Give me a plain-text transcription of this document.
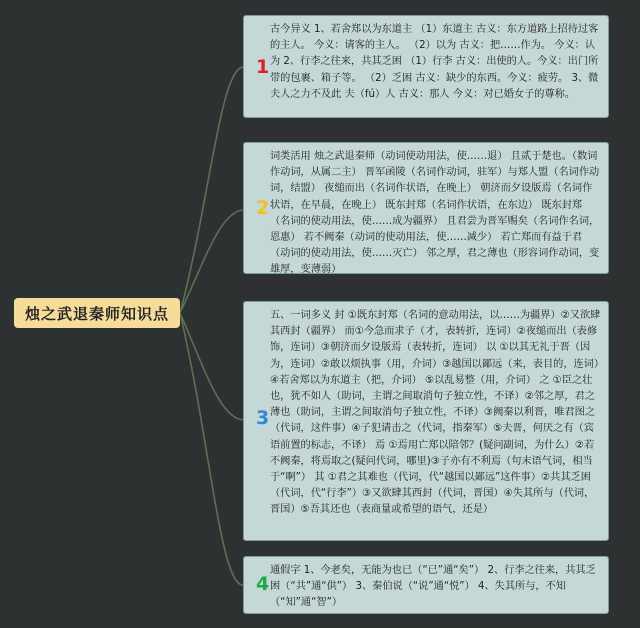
烛之武退秦师知识点
1
古今异义 1、若舍郑以为东道主 （1）东道主 古义：东方道路上招待过客的主人。 今义：请客的主人。 （2）以为 古义：把……作为。 今义：认为 2、行李之往来，共其乏困 （1）行李 古义：出使的人。今义：出门所带的包裹、箱子等。 （2）乏困 古义：缺少的东西。今义：疲劳。 3、微夫人之力不及此 夫（fú）人 古义：那人 今义：对已婚女子的尊称。
2
词类活用 烛之武退秦师（动词使动用法，使……退） 且贰于楚也。（数词作动词，从属二主） 晋军函陵（名词作动词，驻军）与郑人盟（名词作动词，结盟） 夜缒而出（名词作状语，在晚上） 朝济而夕设版焉（名词作状语，在早晨，在晚上） 既东封郑（名词作状语，在东边） 既东封郑（名词的使动用法，使……成为疆界） 且君尝为晋军赐矣（名词作名词，恩惠） 若不阙秦（动词的使动用法，使……减少） 若亡郑而有益于君（动词的使动用法，使……灭亡） 邻之厚，君之薄也（形容词作动词，变雄厚，变薄弱）
3
五、一词多义 封 ①既东封郑（名词的意动用法，以……为疆界）②又欲肆其西封（疆界） 而①今急而求子（才，表转折，连词）②夜缒而出（表修饰，连词）③朝济而夕设版焉（表转折，连词） 以 ①以其无礼于晋（因为，连词）②敢以烦执事（用，介词）③越国以鄙远（来，表目的，连词）④若舍郑以为东道主（把，介词） ⑤以乱易整（用，介词） 之 ①臣之壮也，犹不如人（助词，主谓之间取消句子独立性，不译）②邻之厚，君之薄也（助词，主谓之间取消句子独立性，不译）③阙秦以利晋，唯君图之（代词，这件事）④子犯请击之（代词，指秦军）⑤夫晋，何厌之有（宾语前置的标志，不译） 焉 ①焉用亡郑以陪邻？(疑问副词，为什么）②若不阙秦，将焉取之(疑问代词，哪里)③子亦有不利焉（句末语气词，相当于“啊”） 其 ①君之其难也（代词，代“越国以鄙远”这件事）②共其乏困（代词，代“行李”）③又欲肆其西封（代词，晋国）④失其所与（代词，晋国）⑤吾其还也（表商量或希望的语气，还是）
4
通假字 1、今老矣，无能为也已（“已”通“矣”） 2、行李之往来，共其乏困（“共”通“供”） 3、秦伯说（“说”通“悦”） 4、失其所与，不知（“知”通“智”）
